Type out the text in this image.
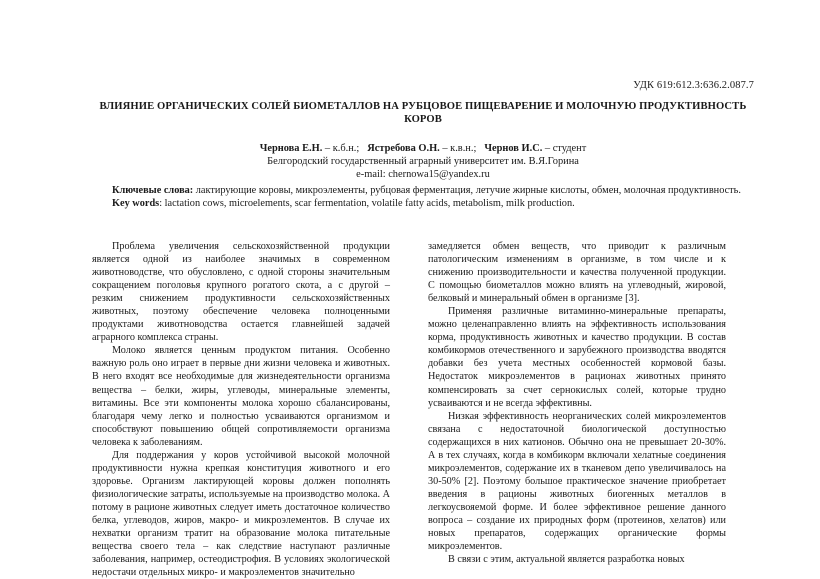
УДК 619:612.3:636.2.087.7
ВЛИЯНИЕ ОРГАНИЧЕСКИХ СОЛЕЙ БИОМЕТАЛЛОВ НА РУБЦОВОЕ ПИЩЕВАРЕНИЕ И МОЛОЧНУЮ ПРОДУКТИВНОСТЬ КОРОВ
Чернова Е.Н. – к.б.н.; Ястребова О.Н. – к.в.н.; Чернов И.С. – студент
Белгородский государственный аграрный университет им. В.Я.Горина
e-mail: chernowa15@yandex.ru
Ключевые слова: лактирующие коровы, микроэлементы, рубцовая ферментация, летучие жирные кислоты, обмен, молочная продуктивность.
Key words: lactation cows, microelements, scar fermentation, volatile fatty acids, metabolism, milk production.

Проблема увеличения сельскохозяйственной продукции является одной из наиболее значимых в современном животноводстве, что обусловлено, с одной стороны значительным сокращением поголовья крупного рогатого скота, а с другой – резким снижением продуктивности сельскохозяйственных животных, поэтому обеспечение человека полноценными продуктами животноводства остается главнейшей задачей аграрного комплекса страны.

Молоко является ценным продуктом питания. Особенно важную роль оно играет в первые дни жизни человека и животных. В него входят все необходимые для жизнедеятельности организма вещества – белки, жиры, углеводы, минеральные элементы, витамины. Все эти компоненты молока хорошо сбалансированы, благодаря чему легко и полностью усваиваются организмом и способствуют повышению общей сопротивляемости организма человека к заболеваниям.

Для поддержания у коров устойчивой высокой молочной продуктивности нужна крепкая конституция животного и его здоровье. Организм лактирующей коровы должен пополнять физиологические затраты, используемые на производство молока. А потому в рационе животных следует иметь достаточное количество белка, углеводов, жиров, макро- и микроэлементов. В случае их нехватки организм тратит на образование молока питательные вещества своего тела – как следствие наступают различные заболевания, например, остеодистрофия. В условиях экологической недостачи отдельных микро- и макроэлементов значительно

замедляется обмен веществ, что приводит к различным патологическим изменениям в организме, в том числе и к снижению производительности и качества полученной продукции. С помощью биометаллов можно влиять на углеводный, жировой, белковый и минеральный обмен в организме [3].

Применяя различные витаминно-минеральные препараты, можно целенаправленно влиять на эффективность использования корма, продуктивность животных и качество продукции. В состав комбикормов отечественного и зарубежного производства вводятся добавки без учета местных особенностей кормовой базы. Недостаток микроэлементов в рационах животных принято компенсировать за счет сернокислых солей, которые трудно усваиваются и не всегда эффективны.

Низкая эффективность неорганических солей микроэлементов связана с недостаточной биологической доступностью содержащихся в них катионов. Обычно она не превышает 20-30%. А в тех случаях, когда в комбикорм включали хелатные соединения микроэлементов, содержание их в тканевом депо увеличивалось на 30-50% [2]. Поэтому большое практическое значение приобретает введения в рационы животных биогенных металлов в легкоусвояемой форме. И более эффективное решение данного вопроса – создание их природных форм (протеинов, хелатов) или новых препаратов, содержащих органические формы микроэлементов.

В связи с этим, актуальной является разработка новых
